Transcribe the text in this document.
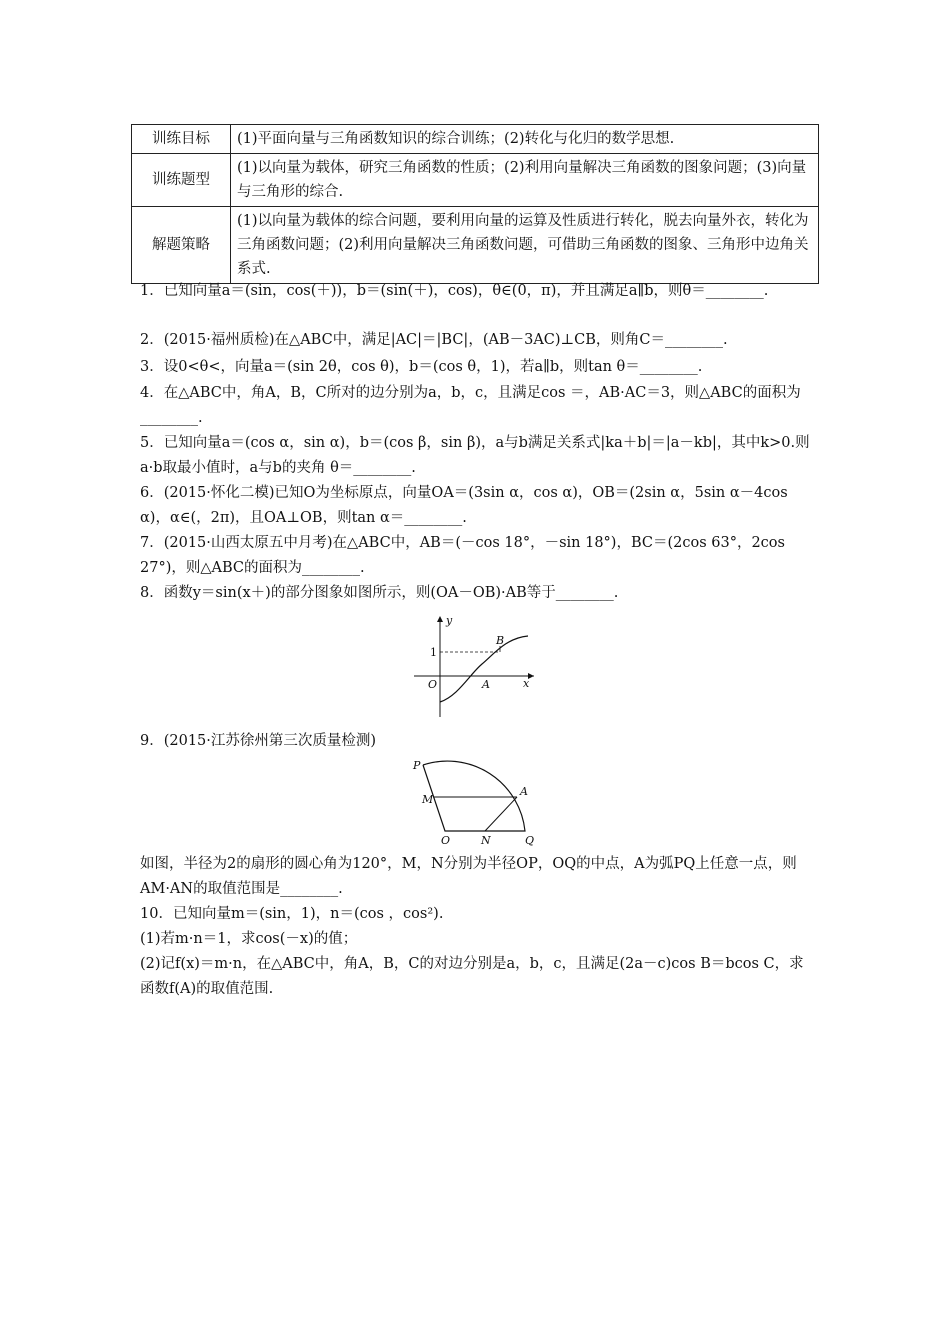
训练目标	(1)平面向量与三角函数知识的综合训练；(2)转化与化归的数学思想.
训练题型	(1)以向量为载体，研究三角函数的性质；(2)利用向量解决三角函数的图象问题；(3)向量与三角形的综合.
解题策略	(1)以向量为载体的综合问题，要利用向量的运算及性质进行转化，脱去向量外衣，转化为三角函数问题；(2)利用向量解决三角函数问题，可借助三角函数的图象、三角形中边角关系式.
1．已知向量a＝(sin，cos(＋))，b＝(sin(＋)，cos)，θ∈(0，π)，并且满足a∥b，则θ＝________.
2．(2015·福州质检)在△ABC中，满足|AC|＝|BC|，(AB－3AC)⊥CB，则角C＝________.
3．设0<θ<，向量a＝(sin 2θ，cos θ)，b＝(cos θ，1)，若a∥b，则tan θ＝________.
4．在△ABC中，角A，B，C所对的边分别为a，b，c，且满足cos ＝，AB·AC＝3，则△ABC的面积为________.
5．已知向量a＝(cos α，sin α)，b＝(cos β，sin β)，a与b满足关系式|ka＋b|＝|a－kb|，其中k>0.则a·b取最小值时，a与b的夹角 θ＝________.
6．(2015·怀化二模)已知O为坐标原点，向量OA＝(3sin α，cos α)，OB＝(2sin α，5sin α－4cos α)，α∈(，2π)，且OA⊥OB，则tan α＝________.
7．(2015·山西太原五中月考)在△ABC中，AB＝(－cos 18°，－sin 18°)，BC＝(2cos 63°，2cos 27°)，则△ABC的面积为________.
8．函数y＝sin(x＋)的部分图象如图所示，则(OA－OB)·AB等于________.
y
x
1
O	A
B
9．(2015·江苏徐州第三次质量检测)
P
M
A
O	N	Q
如图，半径为2的扇形的圆心角为120°，M，N分别为半径OP，OQ的中点，A为弧PQ上任意一点，则AM·AN的取值范围是________.
10．已知向量m＝(sin，1)，n＝(cos ，cos²).
(1)若m·n＝1，求cos(－x)的值；
(2)记f(x)＝m·n，在△ABC中，角A，B，C的对边分别是a，b，c，且满足(2a－c)cos B＝bcos C，求函数f(A)的取值范围.
